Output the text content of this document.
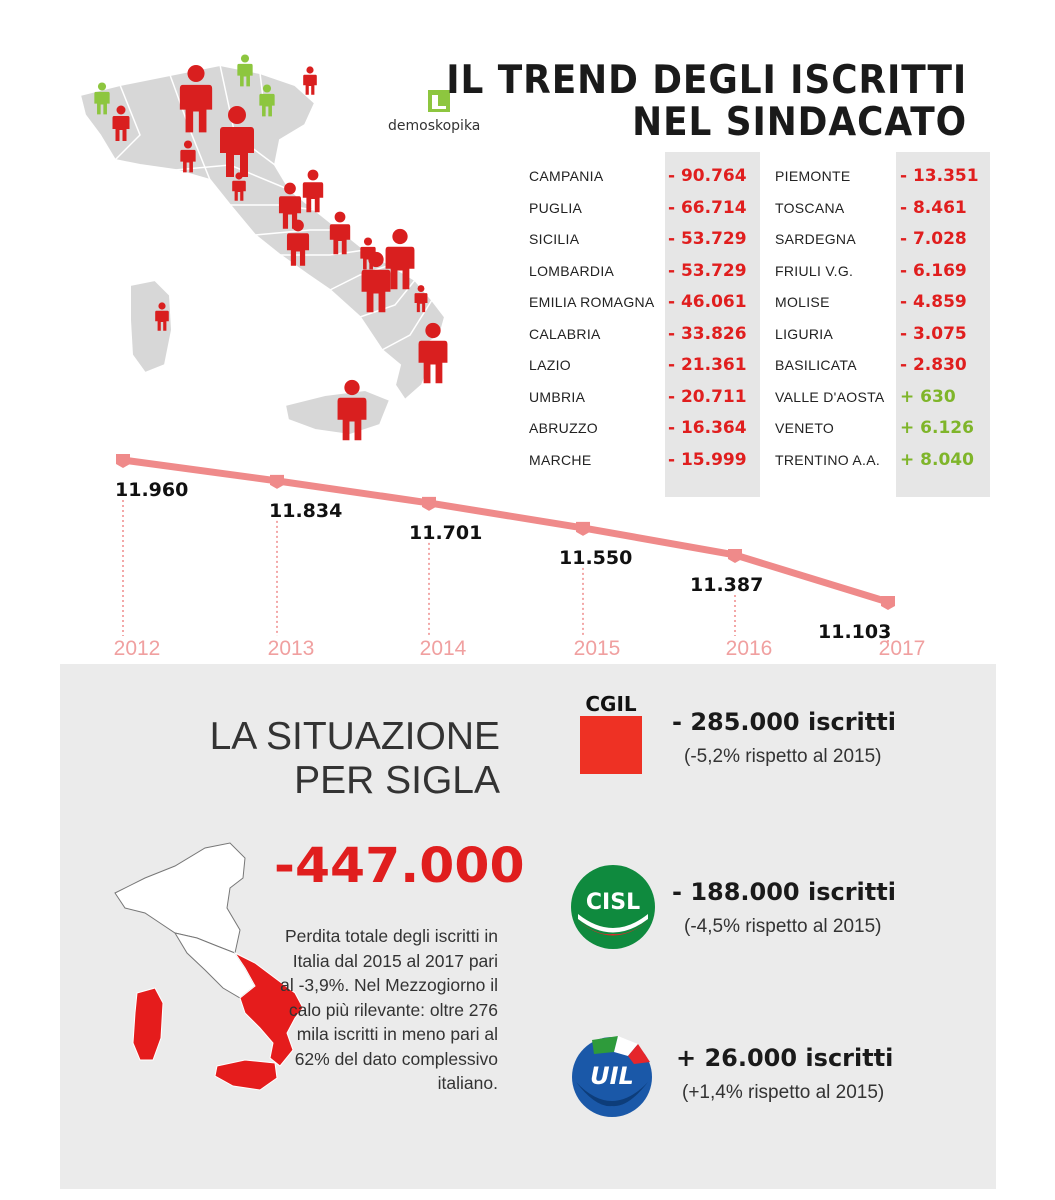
demoskopika
IL TREND DEGLI ISCRITTI
NEL SINDACATO
CAMPANIA	- 90.764
PUGLIA	- 66.714
SICILIA	- 53.729
LOMBARDIA	- 53.729
EMILIA ROMAGNA - 46.061
CALABRIA	- 33.826
LAZIO	- 21.361
UMBRIA	- 20.711
ABRUZZO	- 16.364
MARCHE	- 15.999
PIEMONTE	- 13.351
TOSCANA	- 8.461
SARDEGNA	- 7.028
FRIULI V.G.	- 6.169
MOLISE	- 4.859
LIGURIA	- 3.075
BASILICATA	- 2.830
VALLE D'AOSTA + 630
VENETO	+ 6.126
TRENTINO A.A. + 8.040
11.960
11.834
11.701
11.550
11.387
11.103
2012	2013	2014	2015	2016	2017
LA SITUAZIONE
PER SIGLA
-447.000
Perdita totale degli iscritti in Italia dal 2015 al 2017 pari al -3,9%. Nel Mezzogiorno il calo più rilevante: oltre 276 mila iscritti in meno pari al 62% del dato complessivo italiano.
CGIL
CISL
UIL
- 285.000 iscritti
(-5,2% rispetto al 2015)
- 188.000 iscritti
(-4,5% rispetto al 2015)
+ 26.000 iscritti
(+1,4% rispetto al 2015)
